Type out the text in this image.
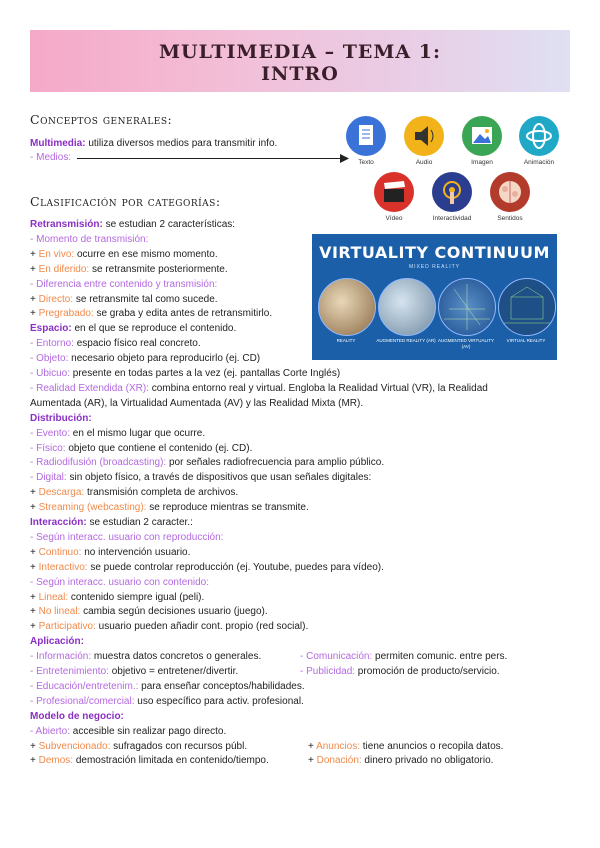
MULTIMEDIA – TEMA 1:
INTRO
Conceptos generales:
Multimedia: utiliza diversos medios para transmitir info.
- Medios:	Texto	Audio	Imagen	Animación
Vídeo	Interactividad	Sentidos
VIRTUALITY CONTINUUM
MIXED REALITY
REALITY	AUGMENTED REALITY (AR) AUGMENTED VIRTUALITY (AV)
VIRTUAL REALITY
Clasificación por categorías:
Retransmisión: se estudian 2 características:
- Momento de transmisión:
+ En vivo: ocurre en ese mismo momento.
+ En diferido: se retransmite posteriormente.
- Diferencia entre contenido y transmisión:
+ Directo: se retransmite tal como sucede.
+ Pregrabado: se graba y edita antes de retransmitirlo.
Espacio: en el que se reproduce el contenido.
- Entorno: espacio físico real concreto.
- Objeto: necesario objeto para reproducirlo (ej. CD)
- Ubicuo: presente en todas partes a la vez (ej. pantallas Corte Inglés)
- Realidad Extendida (XR): combina entorno real y virtual. Engloba la Realidad Virtual (VR), la Realidad
Aumentada (AR), la Virtualidad Aumentada (AV) y las Realidad Mixta (MR).
Distribución:
- Evento: en el mismo lugar que ocurre.
- Físico: objeto que contiene el contenido (ej. CD).
- Radiodifusión (broadcasting): por señales radiofrecuencia para amplio público.
- Digital: sin objeto físico, a través de dispositivos que usan señales digitales:
+ Descarga: transmisión completa de archivos.
+ Streaming (webcasting): se reproduce mientras se transmite.
Interacción: se estudian 2 caracter.:
- Según interacc. usuario con reproducción:
+ Continuo: no intervención usuario.
+ Interactivo: se puede controlar reproducción (ej. Youtube, puedes para vídeo).
- Según interacc. usuario con contenido:
+ Lineal: contenido siempre igual (peli).
+ No lineal: cambia según decisiones usuario (juego).
+ Participativo: usuario pueden añadir cont. propio (red social).
Aplicación:
- Información: muestra datos concretos o generales.	- Comunicación: permiten comunic. entre pers.
- Entretenimiento: objetivo = entretener/divertir.	- Publicidad: promoción de producto/servicio.
- Educación/entretenim.: para enseñar conceptos/habilidades.
- Profesional/comercial: uso específico para activ. profesional.
Modelo de negocio:
- Abierto: accesible sin realizar pago directo.
+ Subvencionado: sufragados con recursos públ.	+ Anuncios: tiene anuncios o recopila datos.
+ Demos: demostración limitada en contenido/tiempo.	+ Donación: dinero privado no obligatorio.
